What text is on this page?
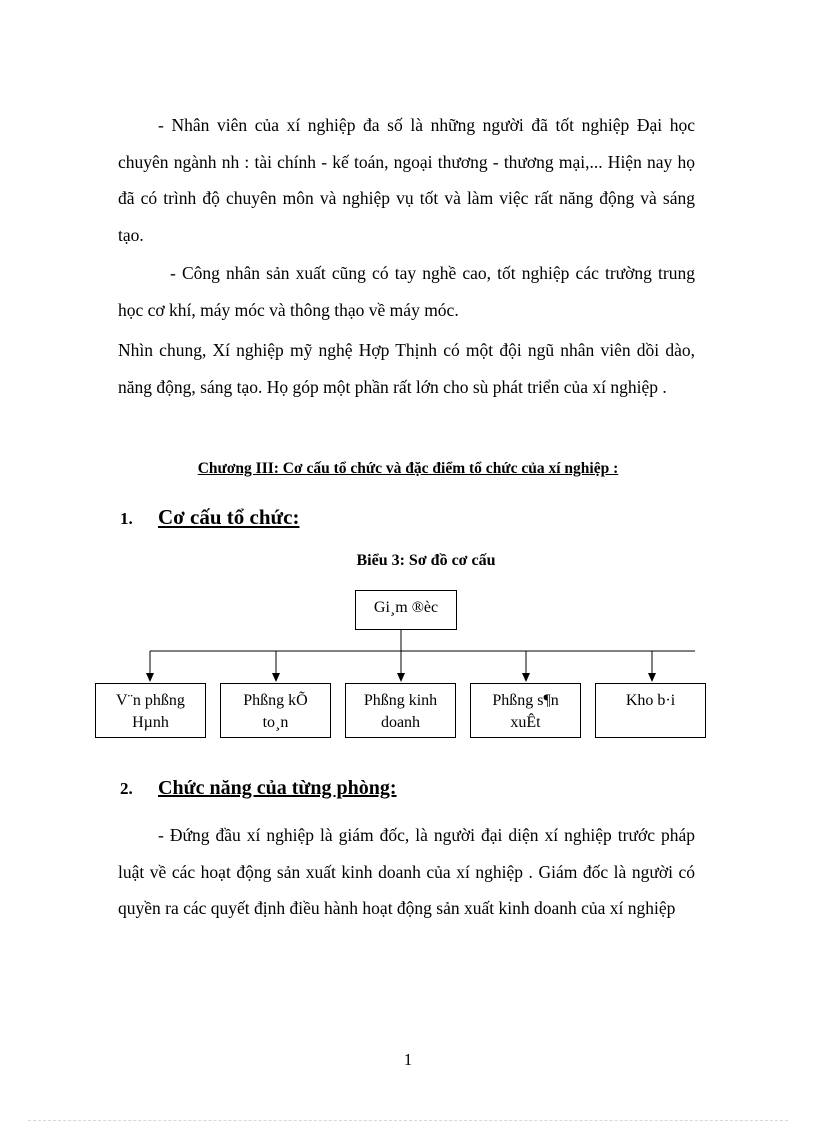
- Nhân viên của xí nghiệp đa số là những người đã tốt nghiệp Đại học chuyên ngành nh : tài chính - kế toán, ngoại thương - thương mại,... Hiện nay họ đã có trình độ chuyên môn và nghiệp vụ tốt và làm việc rất năng động và sáng tạo.

- Công nhân sản xuất cũng có tay nghề cao, tốt nghiệp các trường trung học cơ khí, máy móc và thông thạo về máy móc.

Nhìn chung, Xí nghiệp mỹ nghệ Hợp Thịnh có một đội ngũ nhân viên dồi dào, năng động, sáng tạo. Họ góp một phần rất lớn cho sù phát triển của xí nghiệp .

Chương III: Cơ cấu tổ chức và đặc điểm tổ chức của xí nghiệp :

1. Cơ cấu tổ chức:

Biểu 3: Sơ đồ cơ cấu

Gi¸m ®èc
V¨n phßng
Hµnh
Phßng kÕ
to¸n
Phßng kinh
doanh
Phßng s¶n
xuÊt
Kho b·i
2. Chức năng của từng phòng:

- Đứng đầu xí nghiệp là giám đốc, là người đại diện xí nghiệp trước pháp luật về các hoạt động sản xuất kinh doanh của xí nghiệp . Giám đốc là người có quyền ra các quyết định điều hành hoạt động sản xuất kinh doanh của xí nghiệp

1
